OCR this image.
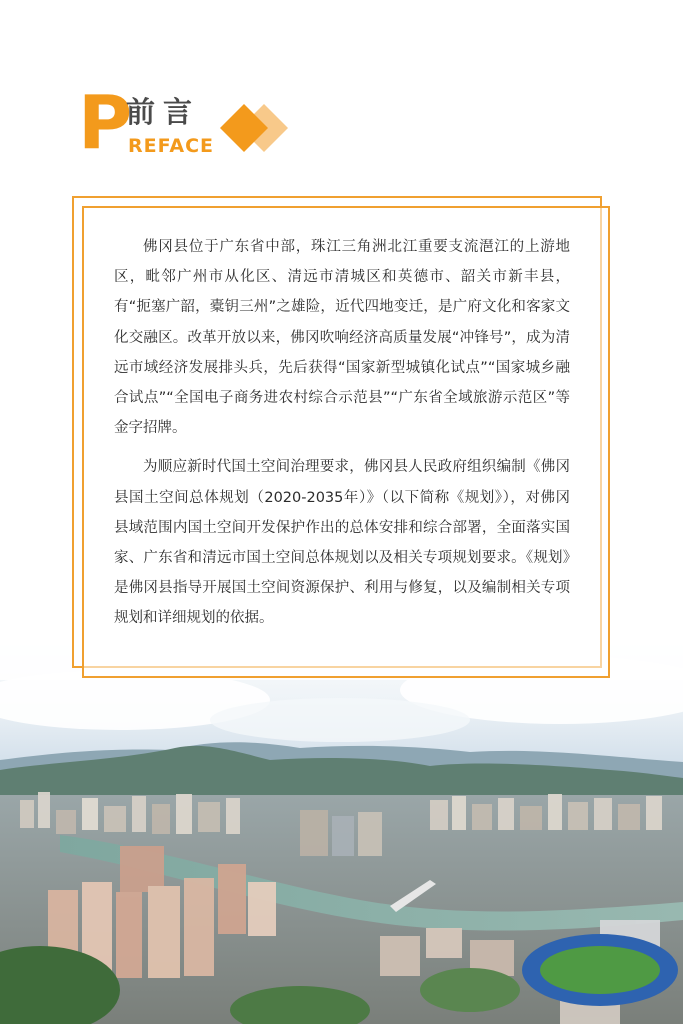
P
前言
REFACE

佛冈县位于广东省中部，珠江三角洲北江重要支流潖江的上游地区，毗邻广州市从化区、清远市清城区和英德市、韶关市新丰县，有“扼塞广韶，橐钥三州”之雄险，近代四地变迁，是广府文化和客家文化交融区。改革开放以来，佛冈吹响经济高质量发展“冲锋号”，成为清远市域经济发展排头兵，先后获得“国家新型城镇化试点”“国家城乡融合试点”“全国电子商务进农村综合示范县”“广东省全域旅游示范区”等金字招牌。

为顺应新时代国土空间治理要求，佛冈县人民政府组织编制《佛冈县国土空间总体规划（2020-2035年）》（以下简称《规划》），对佛冈县域范围内国土空间开发保护作出的总体安排和综合部署，全面落实国家、广东省和清远市国土空间总体规划以及相关专项规划要求。《规划》是佛冈县指导开展国土空间资源保护、利用与修复，以及编制相关专项规划和详细规划的依据。
